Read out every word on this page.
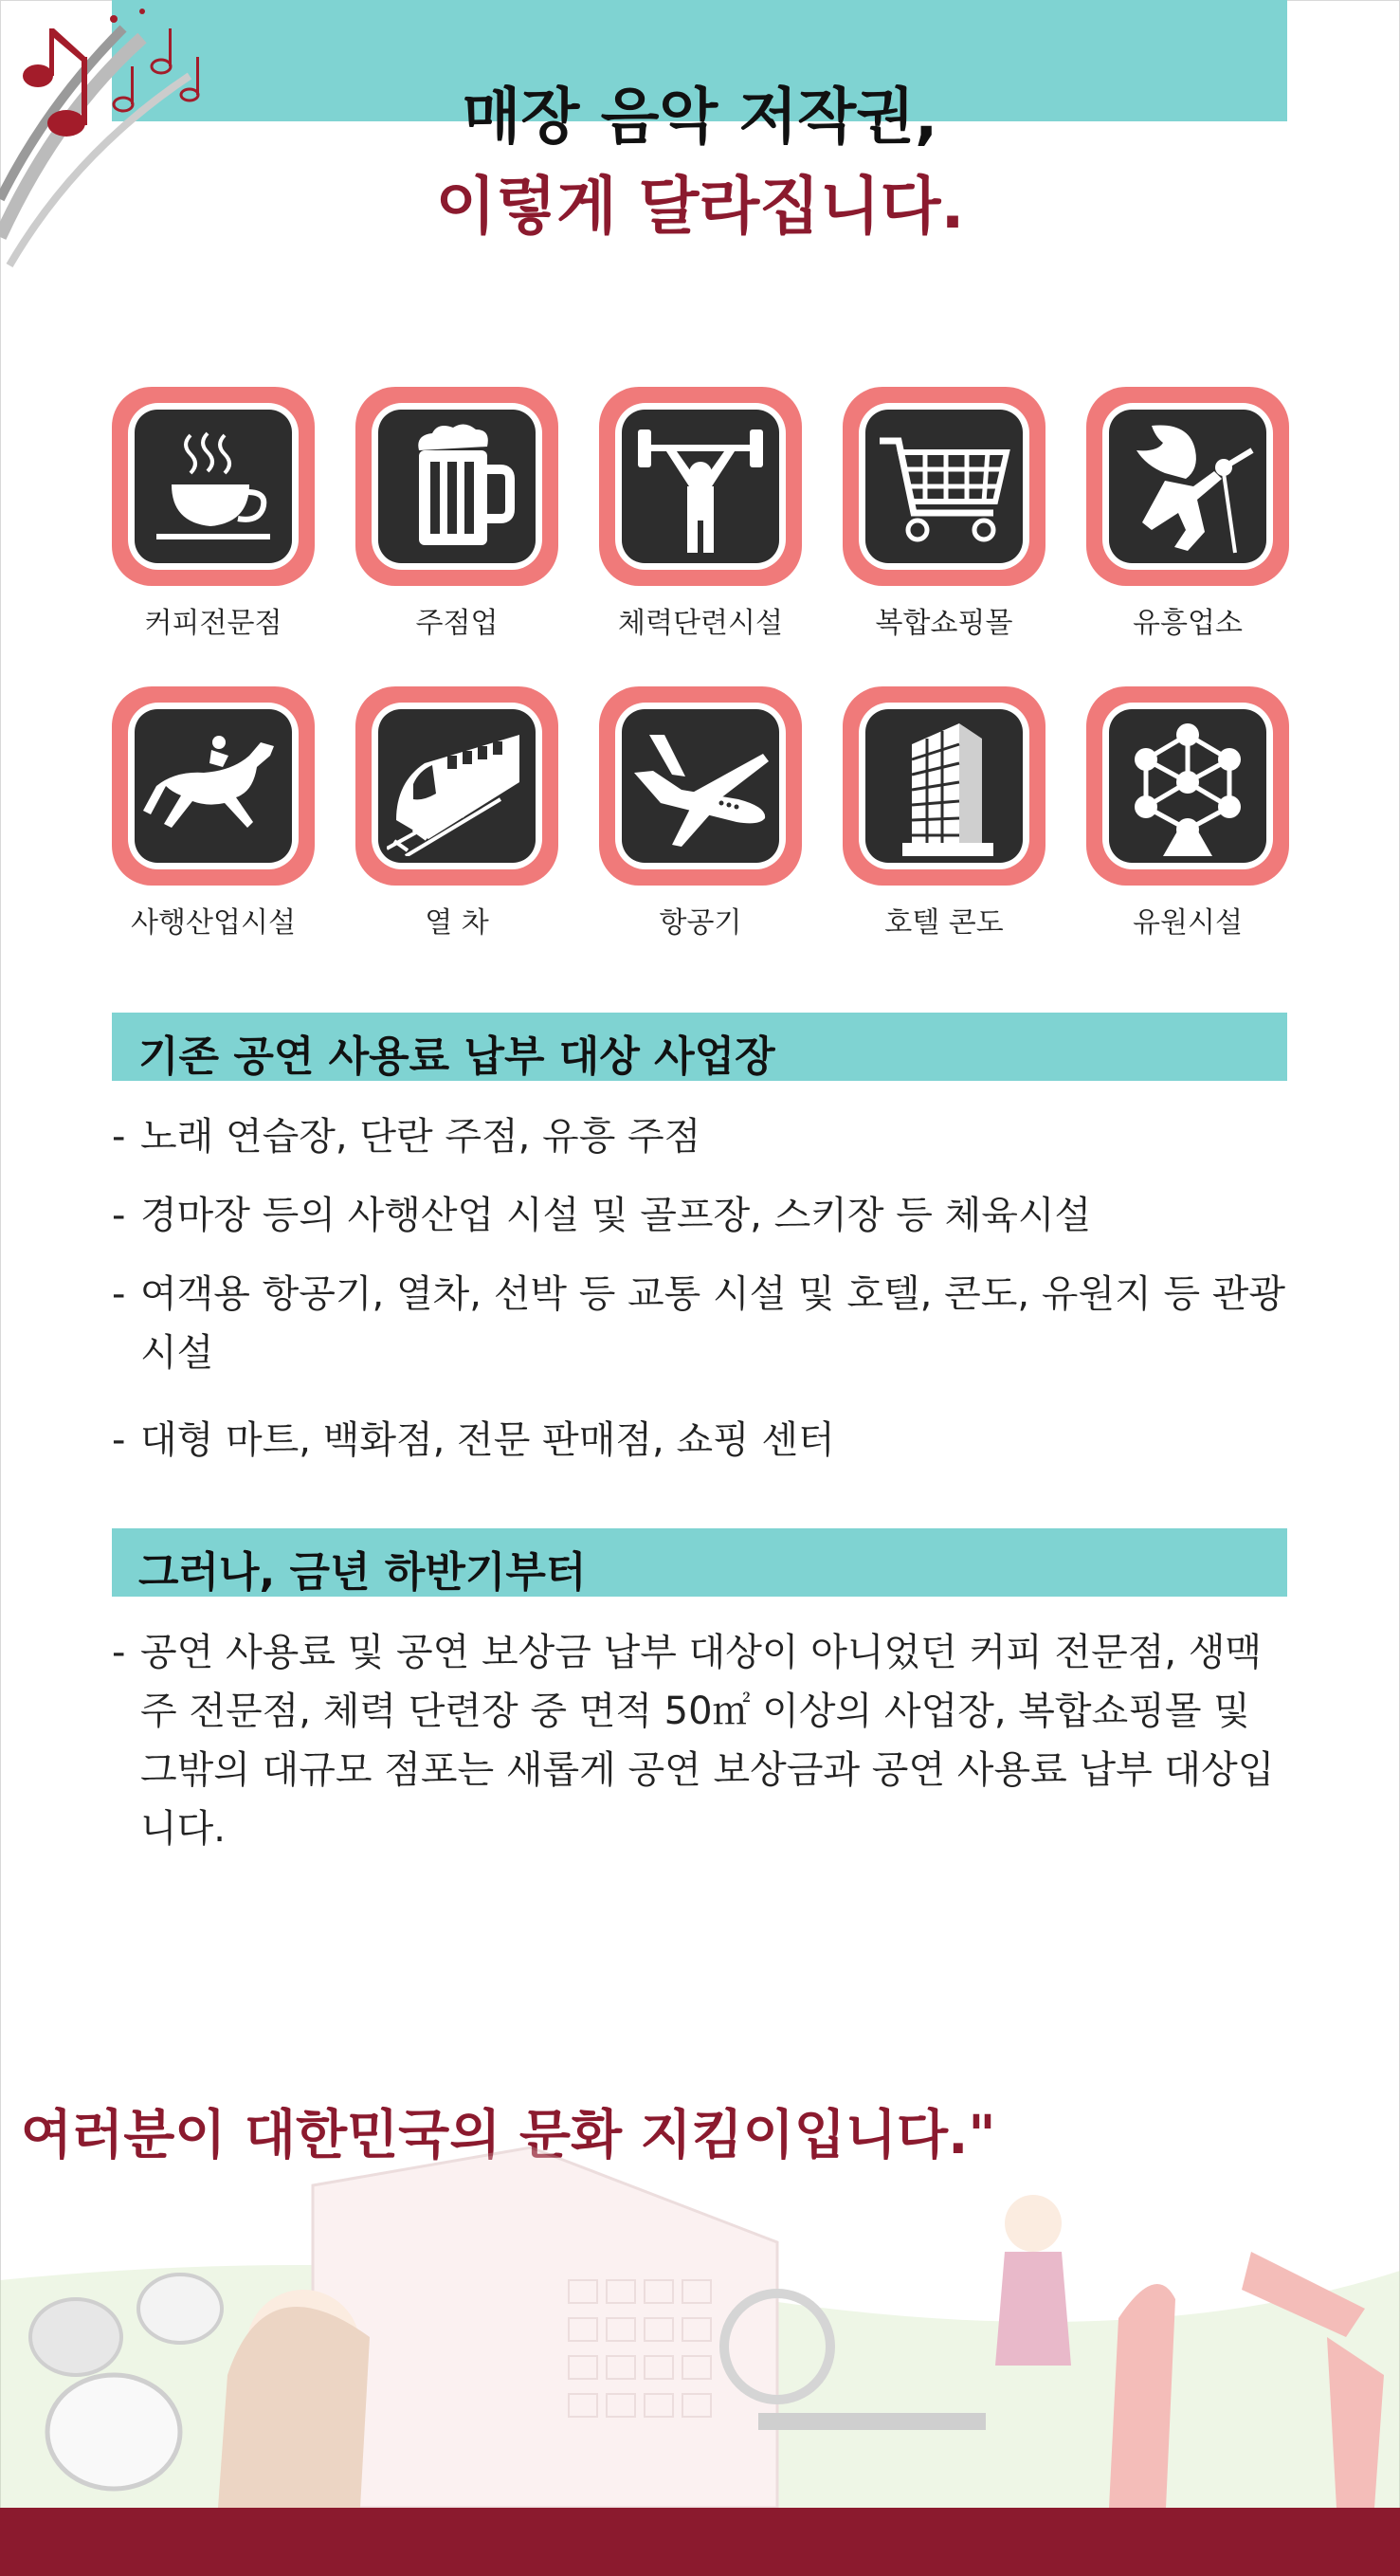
매장 음악 저작권,
이렇게 달라집니다.
커피전문점	주점업	체력단련시설	복합쇼핑몰	유흥업소
사행산업시설	열 차	항공기	호텔 콘도	유원시설
기존 공연 사용료 납부 대상 사업장
- 노래 연습장, 단란 주점, 유흥 주점
- 경마장 등의 사행산업 시설 및 골프장, 스키장 등 체육시설
- 여객용 항공기, 열차, 선박 등 교통 시설 및 호텔, 콘도, 유원지 등 관광 시설
- 대형 마트, 백화점, 전문 판매점, 쇼핑 센터
그러나, 금년 하반기부터
- 공연 사용료 및 공연 보상금 납부 대상이 아니었던 커피 전문점, 생맥주 전문점, 체력 단련장 중 면적 50㎡ 이상의 사업장, 복합쇼핑몰 및 그밖의 대규모 점포는 새롭게 공연 보상금과 공연 사용료 납부 대상입니다.
여러분이 대한민국의 문화 지킴이입니다."
